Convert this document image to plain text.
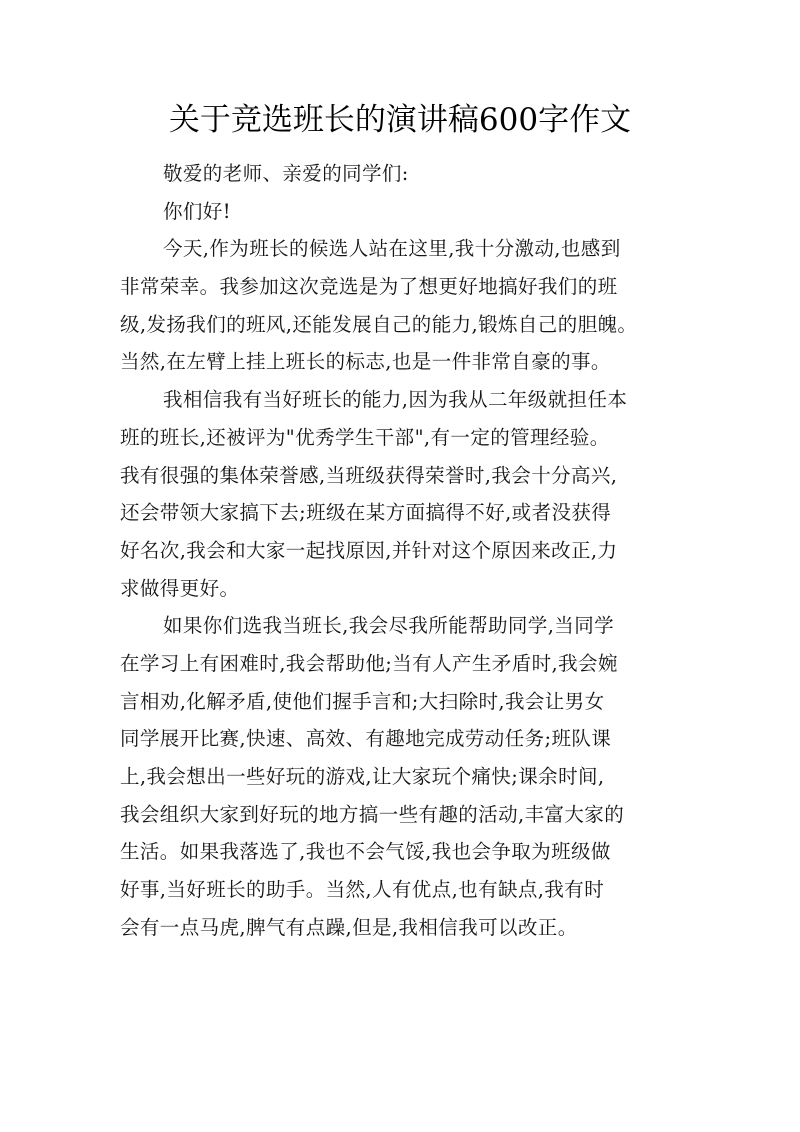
关于竞选班长的演讲稿600字作文
敬爱的老师、亲爱的同学们:
你们好!
今天,作为班长的候选人站在这里,我十分激动,也感到
非常荣幸。我参加这次竞选是为了想更好地搞好我们的班
级,发扬我们的班风,还能发展自己的能力,锻炼自己的胆魄。
当然,在左臂上挂上班长的标志,也是一件非常自豪的事。
我相信我有当好班长的能力,因为我从二年级就担任本
班的班长,还被评为"优秀学生干部",有一定的管理经验。
我有很强的集体荣誉感,当班级获得荣誉时,我会十分高兴,
还会带领大家搞下去;班级在某方面搞得不好,或者没获得
好名次,我会和大家一起找原因,并针对这个原因来改正,力
求做得更好。
如果你们选我当班长,我会尽我所能帮助同学,当同学
在学习上有困难时,我会帮助他;当有人产生矛盾时,我会婉
言相劝,化解矛盾,使他们握手言和;大扫除时,我会让男女
同学展开比赛,快速、高效、有趣地完成劳动任务;班队课
上,我会想出一些好玩的游戏,让大家玩个痛快;课余时间,
我会组织大家到好玩的地方搞一些有趣的活动,丰富大家的
生活。如果我落选了,我也不会气馁,我也会争取为班级做
好事,当好班长的助手。当然,人有优点,也有缺点,我有时
会有一点马虎,脾气有点躁,但是,我相信我可以改正。
